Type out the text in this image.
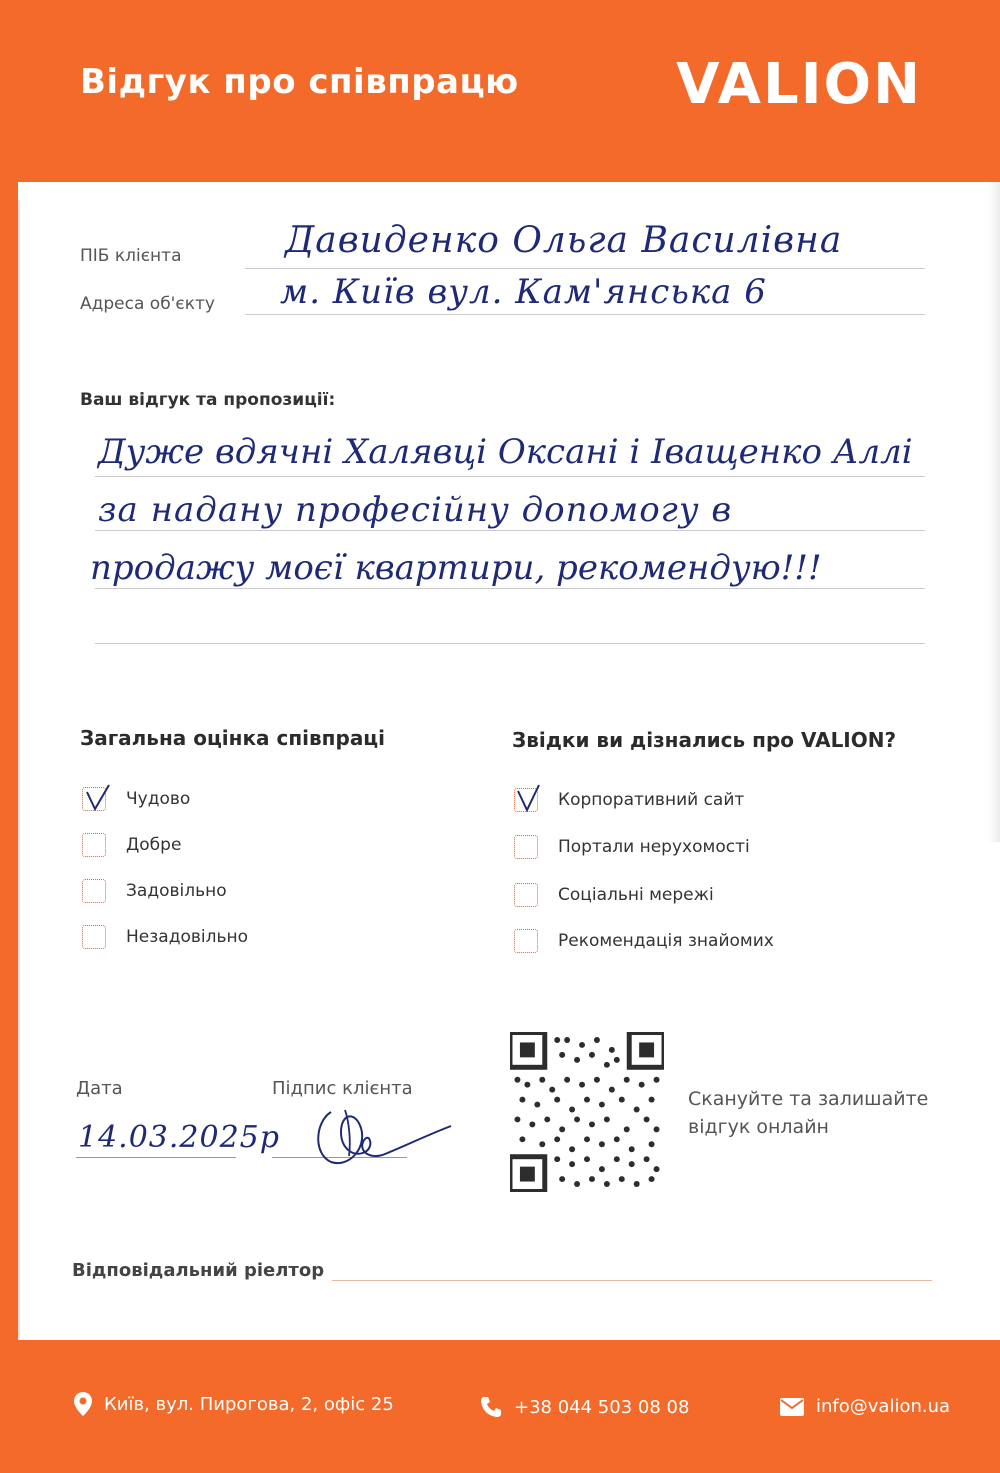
Відгук про співпрацю	VALION
ПІБ клієнта	Давиденко Ольга Василівна
Адреса об'єкту м. Київ вул. Кам'янська 6
Ваш відгук та пропозиції:
Дуже вдячні Халявці Оксані і Іващенко Аллі
за надану професійну допомогу в
продажу моєї квартири, рекомендую!!!
Загальна оцінка співпраці
Чудово
Добре
Задовільно
Незадовільно
Звідки ви дізнались про VALION?
Корпоративний сайт
Портали нерухомості
Соціальні мережі
Рекомендація знайомих
Дата
14.03.2025р
Підпис клієнта	Скануйте та залишайте
відгук онлайн
Відповідальний ріелтор
Київ, вул. Пирогова, 2, офіс 25	+38 044 503 08 08	info@valion.ua
